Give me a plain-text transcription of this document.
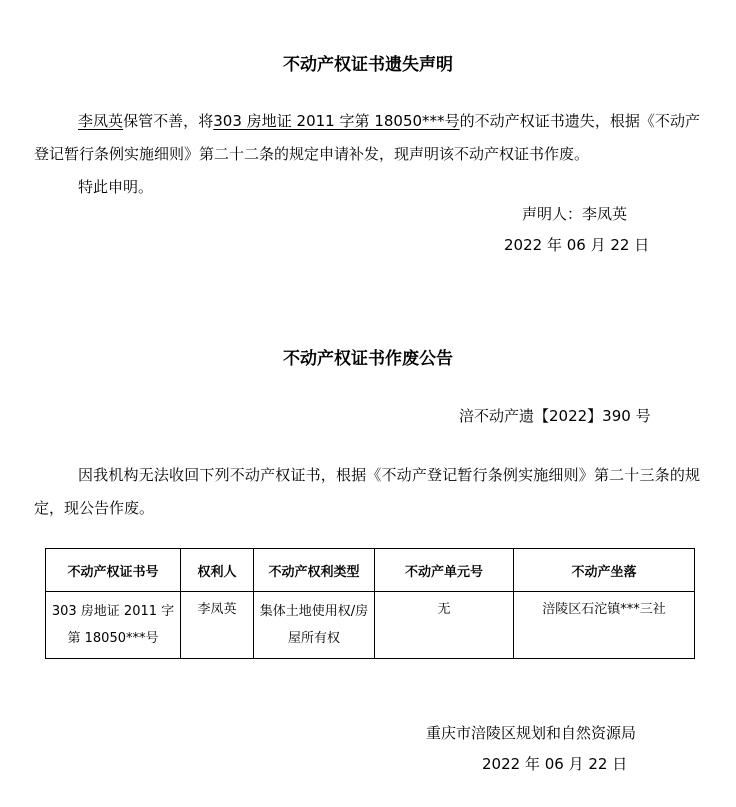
不动产权证书遗失声明

李凤英保管不善，将303 房地证 2011 字第 18050***号的不动产权证书遗失，根据《不动产登记暂行条例实施细则》第二十二条的规定申请补发，现声明该不动产权证书作废。

特此申明。

声明人：李凤英
2022 年 06 月 22 日
不动产权证书作废公告
涪不动产遗【2022】390 号

因我机构无法收回下列不动产权证书，根据《不动产登记暂行条例实施细则》第二十三条的规定，现公告作废。

不动产权证书号	权利人	不动产权利类型	不动产单元号	不动产坐落
303 房地证 2011 字第 18050***号	李凤英	集体土地使用权/房屋所有权	无	涪陵区石沱镇***三社
重庆市涪陵区规划和自然资源局
2022 年 06 月 22 日
